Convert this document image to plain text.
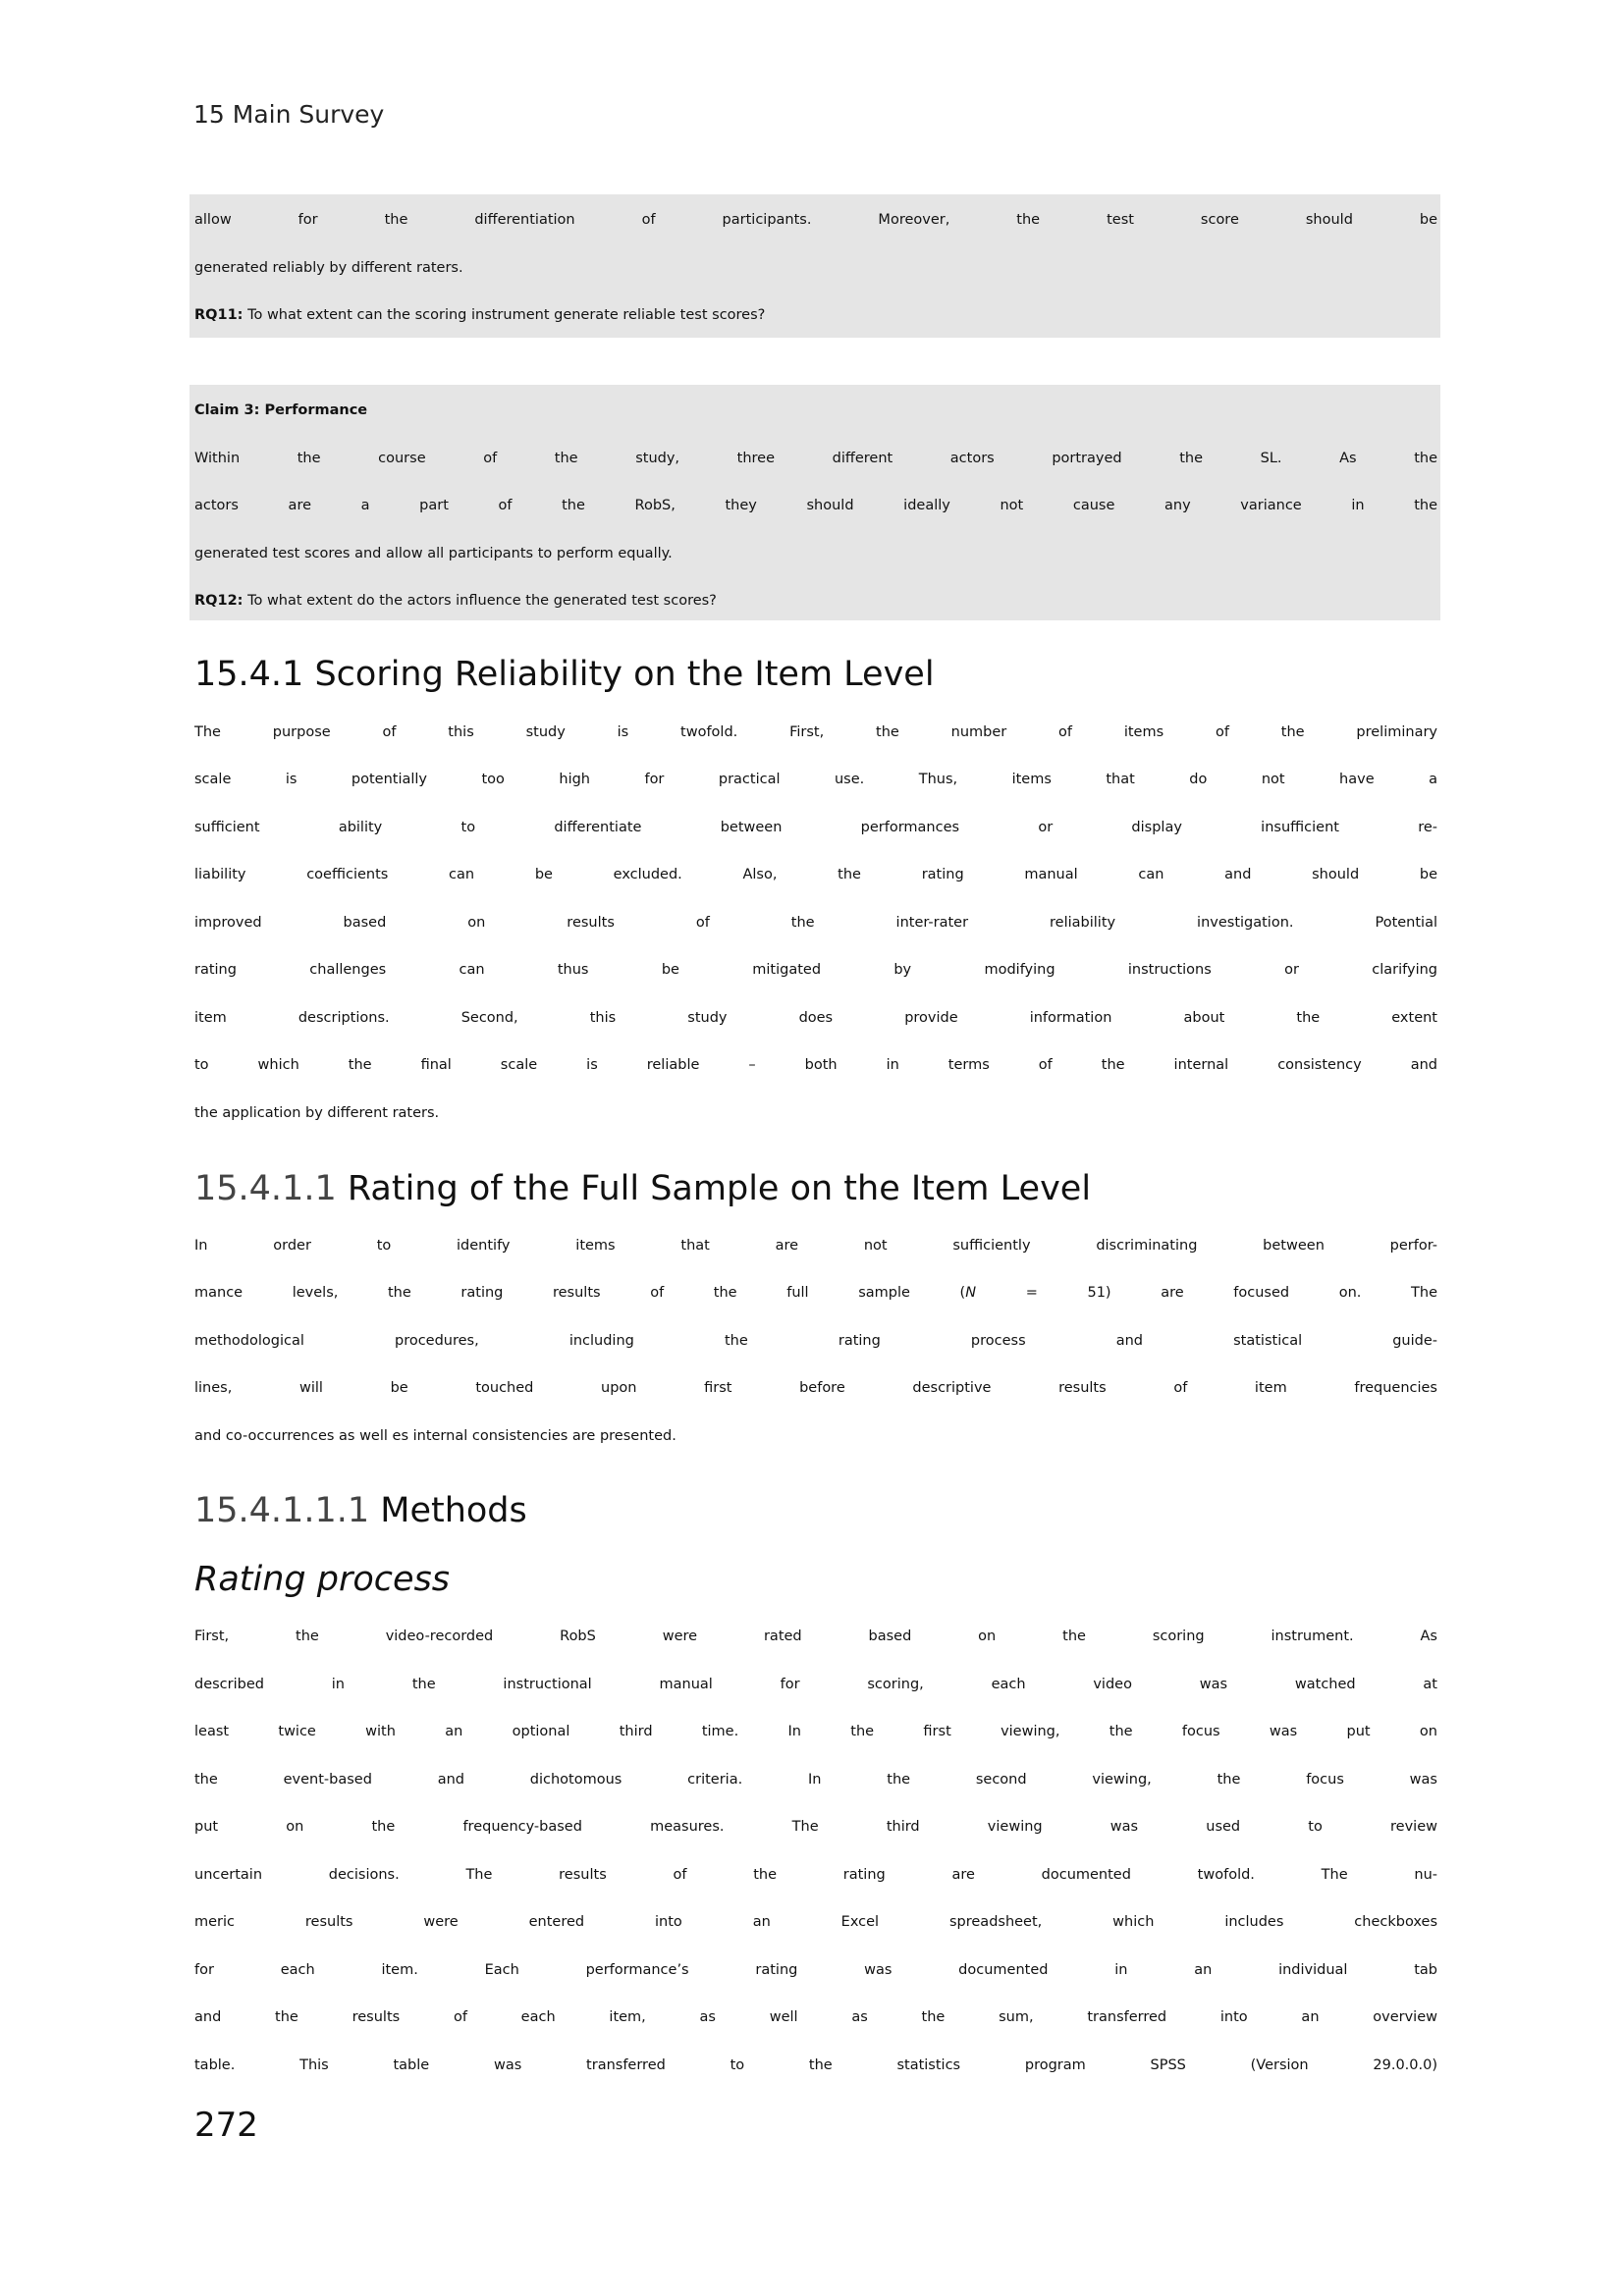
15 Main Survey
allow for the differentiation of participants. Moreover, the test score should be
generated reliably by different raters.
RQ11: To what extent can the scoring instrument generate reliable test scores?
Claim 3: Performance
Within the course of the study, three different actors portrayed the SL. As the
actors are a part of the RobS, they should ideally not cause any variance in the
generated test scores and allow all participants to perform equally.
RQ12: To what extent do the actors influence the generated test scores?
15.4.1 Scoring Reliability on the Item Level
The purpose of this study is twofold. First, the number of items of the preliminary
scale is potentially too high for practical use. Thus, items that do not have a
sufficient ability to differentiate between performances or display insufficient re-
liability coefficients can be excluded. Also, the rating manual can and should be
improved based on results of the inter-rater reliability investigation. Potential
rating challenges can thus be mitigated by modifying instructions or clarifying
item descriptions. Second, this study does provide information about the extent
to which the final scale is reliable – both in terms of the internal consistency and
the application by different raters.
15.4.1.1 Rating of the Full Sample on the Item Level
In order to identify items that are not sufficiently discriminating between perfor-
mance levels, the rating results of the full sample (N = 51) are focused on. The
methodological procedures, including the rating process and statistical guide-
lines, will be touched upon first before descriptive results of item frequencies
and co-occurrences as well es internal consistencies are presented.
15.4.1.1.1 Methods
Rating process
First, the video-recorded RobS were rated based on the scoring instrument. As
described in the instructional manual for scoring, each video was watched at
least twice with an optional third time. In the first viewing, the focus was put on
the event-based and dichotomous criteria. In the second viewing, the focus was
put on the frequency-based measures. The third viewing was used to review
uncertain decisions. The results of the rating are documented twofold. The nu-
meric results were entered into an Excel spreadsheet, which includes checkboxes
for each item. Each performance’s rating was documented in an individual tab
and the results of each item, as well as the sum, transferred into an overview
table. This table was transferred to the statistics program SPSS (Version 29.0.0.0)
272
